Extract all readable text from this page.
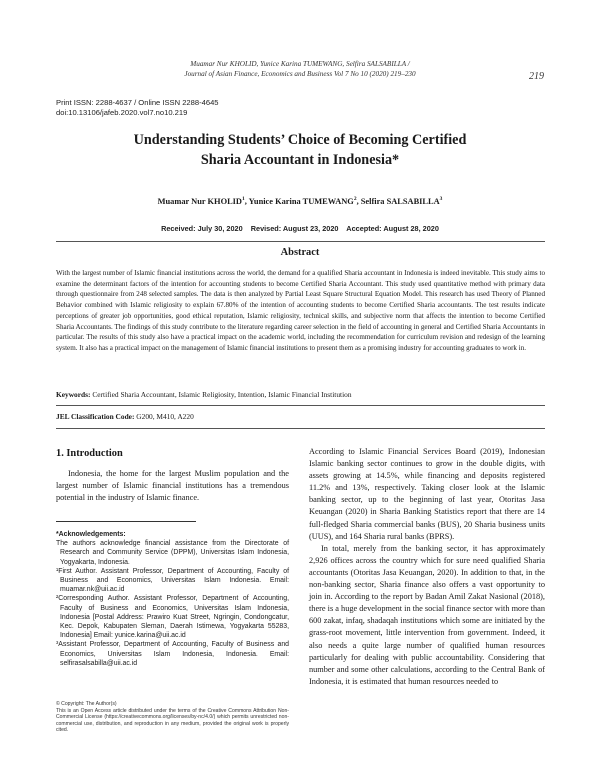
Muamar Nur KHOLID, Yunice Karina TUMEWANG, Selfira SALSABILLA /
Journal of Asian Finance, Economics and Business Vol 7 No 10 (2020) 219–230	219
Print ISSN: 2288-4637 / Online ISSN 2288-4645
doi:10.13106/jafeb.2020.vol7.no10.219
Understanding Students’ Choice of Becoming Certified
Sharia Accountant in Indonesia*
Muamar Nur KHOLID$^1$, Yunice Karina TUMEWANG$^2$, Selfira SALSABILLA$^3$
Received: July 30, 2020    Revised: August 23, 2020    Accepted: August 28, 2020
Abstract
With the largest number of Islamic financial institutions across the world, the demand for a qualified Sharia accountant in Indonesia is indeed inevitable. This study aims to examine the determinant factors of the intention for accounting students to become Certified Sharia Accountant. This study used quantitative method with primary data through questionnaire from 248 selected samples. The data is then analyzed by Partial Least Square Structural Equation Model. This research has used Theory of Planned Behavior combined with Islamic religiosity to explain 67.80% of the intention of accounting students to become Certified Sharia accountants. The test results indicate perceptions of greater job opportunities, good ethical reputation, Islamic religiosity, technical skills, and subjective norm that affects the intention to become Certified Sharia Accountants. The findings of this study contribute to the literature regarding career selection in the field of accounting in general and Certified Sharia Accountants in particular. The results of this study also have a practical impact on the academic world, including the recommendation for curriculum revision and redesign of the learning system. It also has a practical impact on the management of Islamic financial institutions to present them as a promising industry for accounting graduates to work in.
Keywords: Certified Sharia Accountant, Islamic Religiosity, Intention, Islamic Financial Institution
JEL Classification Code: G200, M410, A220
1. Introduction
Indonesia, the home for the largest Muslim population and the largest number of Islamic financial institutions has a tremendous potential in the industry of Islamic finance.
*Acknowledgements:

The authors acknowledge financial assistance from the Directorate of Research and Community Service (DPPM), Universitas Islam Indonesia, Yogyakarta, Indonesia.

¹First Author. Assistant Professor, Department of Accounting, Faculty of Business and Economics, Universitas Islam Indonesia. Email: muamar.nk@uii.ac.id

²Corresponding Author. Assistant Professor, Department of Accounting, Faculty of Business and Economics, Universitas Islam Indonesia, Indonesia [Postal Address: Prawiro Kuat Street, Ngringin, Condongcatur, Kec. Depok, Kabupaten Sleman, Daerah Istimewa, Yogyakarta 55283, Indonesia] Email: yunice.karina@uii.ac.id

³Assistant Professor, Department of Accounting, Faculty of Business and Economics, Universitas Islam Indonesia, Indonesia. Email: selfirasalsabilla@uii.ac.id

© Copyright: The Author(s)
This is an Open Access article distributed under the terms of the Creative Commons Attribution Non-Commercial License (https://creativecommons.org/licenses/by-nc/4.0/) which permits unrestricted non-commercial use, distribution, and reproduction in any medium, provided the original work is properly cited.

According to Islamic Financial Services Board (2019), Indonesian Islamic banking sector continues to grow in the double digits, with assets growing at 14.5%, while financing and deposits registered 11.2% and 13%, respectively. Taking closer look at the Islamic banking sector, up to the beginning of last year, Otoritas Jasa Keuangan (2020) in Sharia Banking Statistics report that there are 14 full-fledged Sharia commercial banks (BUS), 20 Sharia business units (UUS), and 164 Sharia rural banks (BPRS).

In total, merely from the banking sector, it has approximately 2,926 offices across the country which for sure need qualified Sharia accountants (Otoritas Jasa Keuangan, 2020). In addition to that, in the non-banking sector, Sharia finance also offers a vast opportunity to join in. According to the report by Badan Amil Zakat Nasional (2018), there is a huge development in the social finance sector with more than 600 zakat, infaq, shadaqah institutions which some are initiated by the grass-root movement, little intervention from government. Indeed, it also needs a quite large number of qualified human resources particularly for dealing with public accountability. Considering that number and some other calculations, according to the Central Bank of Indonesia, it is estimated that human resources needed to
